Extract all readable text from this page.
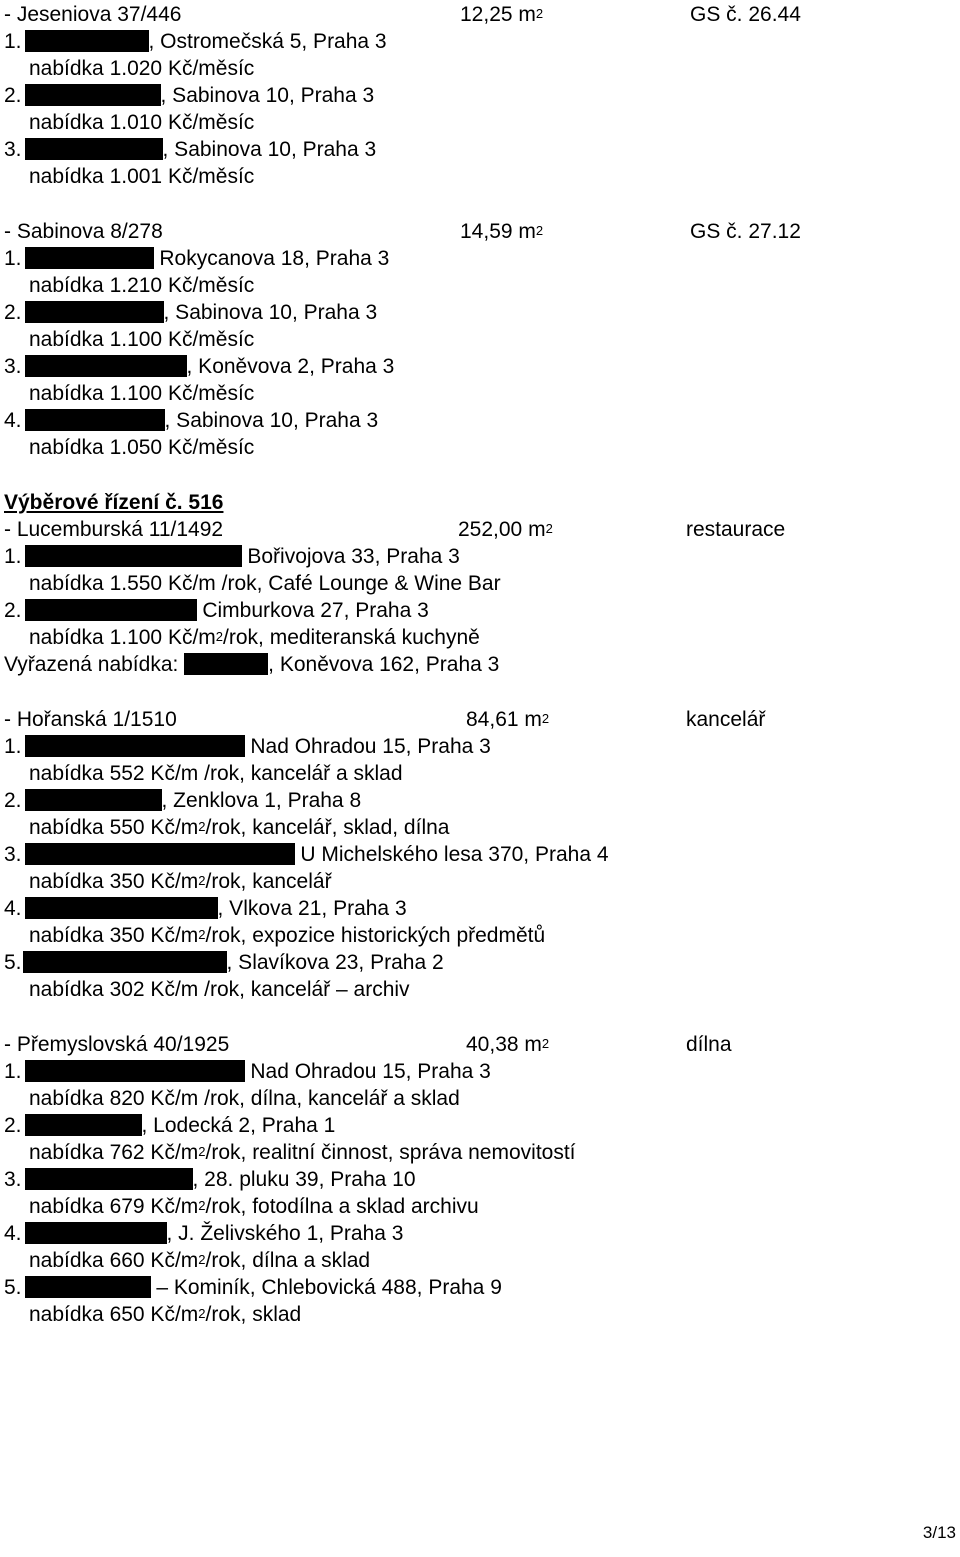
- Jeseniova 37/446	12,25 $m^2$	GS č. 26.44
1.	, Ostromečská 5, Praha 3
nabídka 1.020 Kč/měsíc
2.	, Sabinova 10, Praha 3
nabídka 1.010 Kč/měsíc
3.	, Sabinova 10, Praha 3
nabídka 1.001 Kč/měsíc
- Sabinova 8/278	14,59 $m^2$	GS č. 27.12
1.	Rokycanova 18, Praha 3
nabídka 1.210 Kč/měsíc
2.	, Sabinova 10, Praha 3
nabídka 1.100 Kč/měsíc
3.	, Koněvova 2, Praha 3
nabídka 1.100 Kč/měsíc
4.	, Sabinova 10, Praha 3
nabídka 1.050 Kč/měsíc
Výběrové řízení č. 516
- Lucemburská 11/1492	252,00 $m^2$	restaurace
1.	Bořivojova 33, Praha 3
nabídka 1.550 Kč/m /rok, Café Lounge & Wine Bar
2.	Cimburkova 27, Praha 3
nabídka 1.100 $Kč/m^2$/rok, mediteranská kuchyně
Vyřazená nabídka:	, Koněvova 162, Praha 3
- Hořanská 1/1510	84,61 $m^2$	kancelář
1.	Nad Ohradou 15, Praha 3
nabídka 552 Kč/m /rok, kancelář a sklad
2.	, Zenklova 1, Praha 8
nabídka 550 $Kč/m^2$/rok, kancelář, sklad, dílna
3.	U Michelského lesa 370, Praha 4
nabídka 350 $Kč/m^2$/rok, kancelář
4.	, Vlkova 21, Praha 3
nabídka 350 $Kč/m^2$/rok, expozice historických předmětů
5.	, Slavíkova 23, Praha 2
nabídka 302 Kč/m /rok, kancelář – archiv
- Přemyslovská 40/1925	40,38 $m^2$	dílna
1.	Nad Ohradou 15, Praha 3
nabídka 820 Kč/m /rok, dílna, kancelář a sklad
2.	, Lodecká 2, Praha 1
nabídka 762 $Kč/m^2$/rok, realitní činnost, správa nemovitostí
3.	, 28. pluku 39, Praha 10
nabídka 679 $Kč/m^2$/rok, fotodílna a sklad archivu
4.	, J. Želivského 1, Praha 3
nabídka 660 $Kč/m^2$/rok, dílna a sklad
5.	– Kominík, Chlebovická 488, Praha 9
nabídka 650 $Kč/m^2$/rok, sklad
3/13
